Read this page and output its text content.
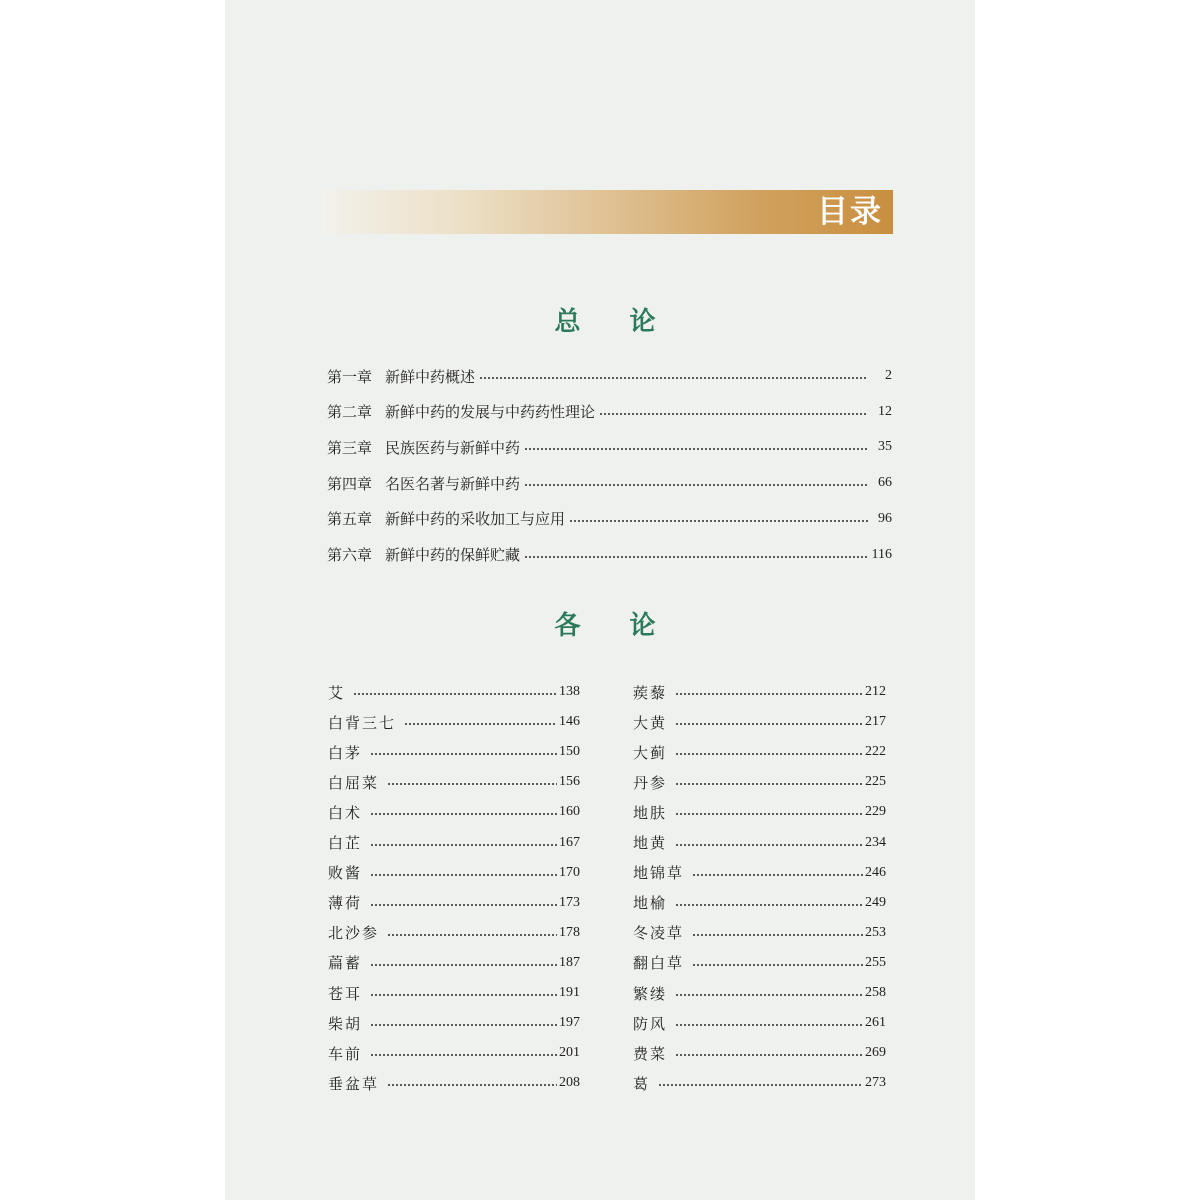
目录
总 论
第一章 新鲜中药概述	2
第二章 新鲜中药的发展与中药药性理论	12
第三章 民族医药与新鲜中药	35
第四章 名医名著与新鲜中药	66
第五章 新鲜中药的采收加工与应用	96
第六章 新鲜中药的保鲜贮藏	116
各 论
艾	138
白背三七	146
白茅	150
白屈菜	156
白术	160
白芷	167
败酱	170
薄荷	173
北沙参	178
萹蓄	187
苍耳	191
柴胡	197
车前	201
垂盆草	208
蒺藜	212
大黄	217
大蓟	222
丹参	225
地肤	229
地黄	234
地锦草	246
地榆	249
冬凌草	253
翻白草	255
繁缕	258
防风	261
费菜	269
葛	273
